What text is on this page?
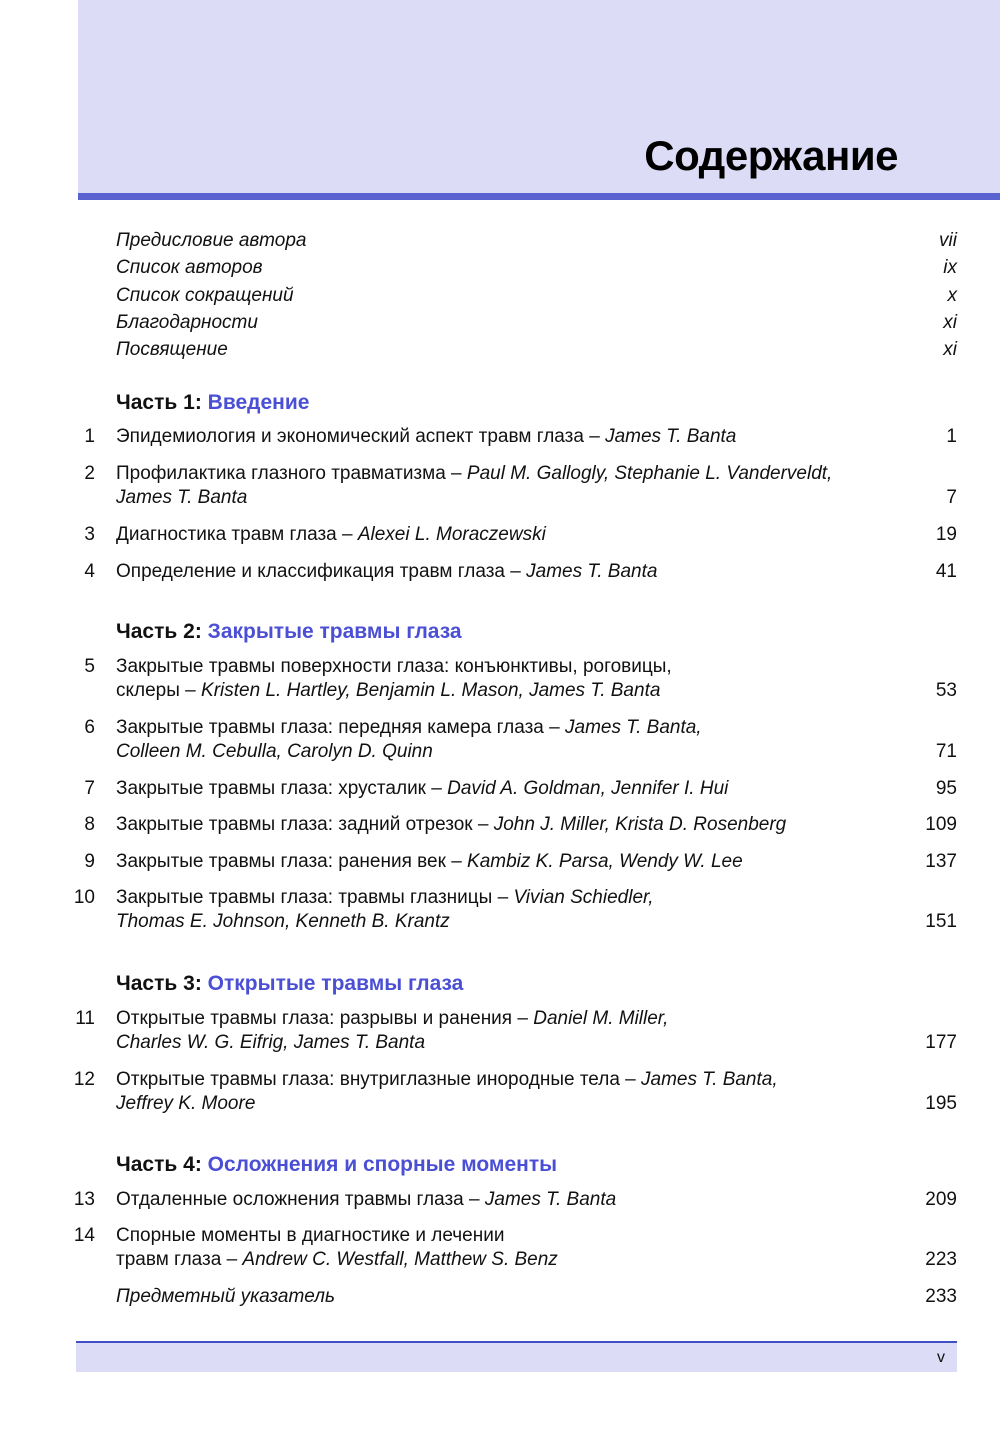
Содержание
Предисловие автора	vii
Список авторов	ix
Список сокращений	x
Благодарности	xi
Посвящение	xi
Часть 1: Введение
1 Эпидемиология и экономический аспект травм глаза – James T. Banta	1
2 Профилактика глазного травматизма – Paul M. Gallogly, Stephanie L. Vanderveldt,
James T. Banta	7
3 Диагностика травм глаза – Alexei L. Moraczewski	19
4 Определение и классификация травм глаза – James T. Banta	41
Часть 2: Закрытые травмы глаза
5 Закрытые травмы поверхности глаза: конъюнктивы, роговицы,
склеры – Kristen L. Hartley, Benjamin L. Mason, James T. Banta	53
6 Закрытые травмы глаза: передняя камера глаза – James T. Banta,
Colleen M. Cebulla, Carolyn D. Quinn	71
7 Закрытые травмы глаза: хрусталик – David A. Goldman, Jennifer I. Hui	95
8 Закрытые травмы глаза: задний отрезок – John J. Miller, Krista D. Rosenberg	109
9 Закрытые травмы глаза: ранения век – Kambiz K. Parsa, Wendy W. Lee	137
10 Закрытые травмы глаза: травмы глазницы – Vivian Schiedler,
Thomas E. Johnson, Kenneth B. Krantz	151
Часть 3: Открытые травмы глаза
11 Открытые травмы глаза: разрывы и ранения – Daniel M. Miller,
Charles W. G. Eifrig, James T. Banta	177
12 Открытые травмы глаза: внутриглазные инородные тела – James T. Banta,
Jeffrey K. Moore	195
Часть 4: Осложнения и спорные моменты
13 Отдаленные осложнения травмы глаза – James T. Banta	209
14 Спорные моменты в диагностике и лечении
травм глаза – Andrew C. Westfall, Matthew S. Benz	223
Предметный указатель	233
v
